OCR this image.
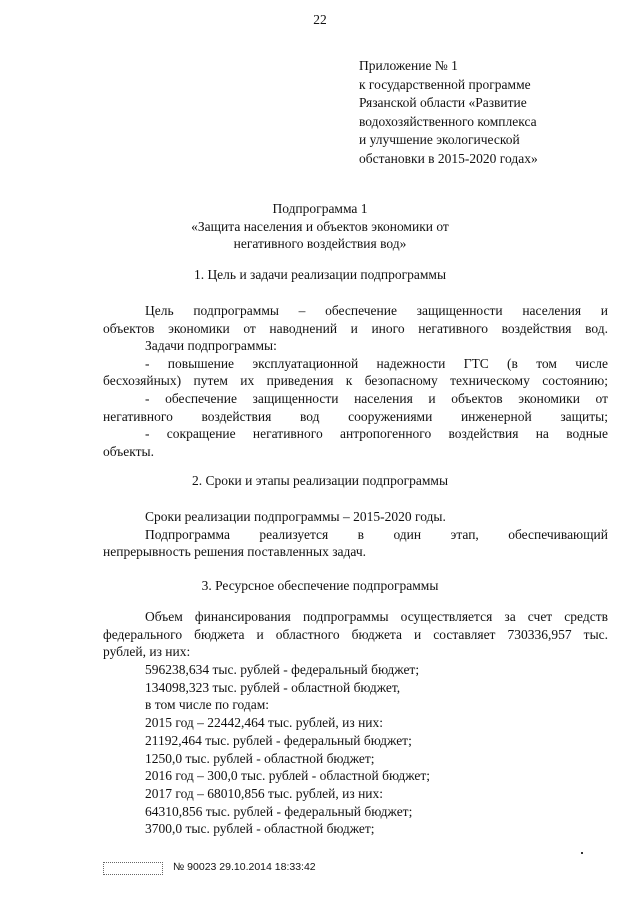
22
Приложение № 1
к государственной программе
Рязанской области «Развитие
водохозяйственного комплекса
и улучшение экологической
обстановки в 2015-2020 годах»
Подпрограмма 1
«Защита населения и объектов экономики от
негативного воздействия вод»
1. Цель и задачи реализации подпрограммы
Цель подпрограммы – обеспечение защищенности населения и
объектов экономики от наводнений и иного негативного воздействия вод.
Задачи подпрограммы:
- повышение эксплуатационной надежности ГТС (в том числе
бесхозяйных) путем их приведения к безопасному техническому состоянию;
- обеспечение защищенности населения и объектов экономики от
негативного воздействия вод сооружениями инженерной защиты;
- сокращение негативного антропогенного воздействия на водные
объекты.
2. Сроки и этапы реализации подпрограммы
Сроки реализации подпрограммы – 2015-2020 годы.
Подпрограмма реализуется в один этап, обеспечивающий
непрерывность решения поставленных задач.
3. Ресурсное обеспечение подпрограммы
Объем финансирования подпрограммы осуществляется за счет средств
федерального бюджета и областного бюджета и составляет 730336,957 тыс.
рублей, из них:
596238,634 тыс. рублей - федеральный бюджет;
134098,323 тыс. рублей - областной бюджет,
в том числе по годам:
2015 год – 22442,464 тыс. рублей, из них:
21192,464 тыс. рублей - федеральный бюджет;
1250,0 тыс. рублей - областной бюджет;
2016 год – 300,0 тыс. рублей - областной бюджет;
2017 год – 68010,856 тыс. рублей, из них:
64310,856 тыс. рублей - федеральный бюджет;
3700,0 тыс. рублей - областной бюджет;
№ 90023 29.10.2014 18:33:42
